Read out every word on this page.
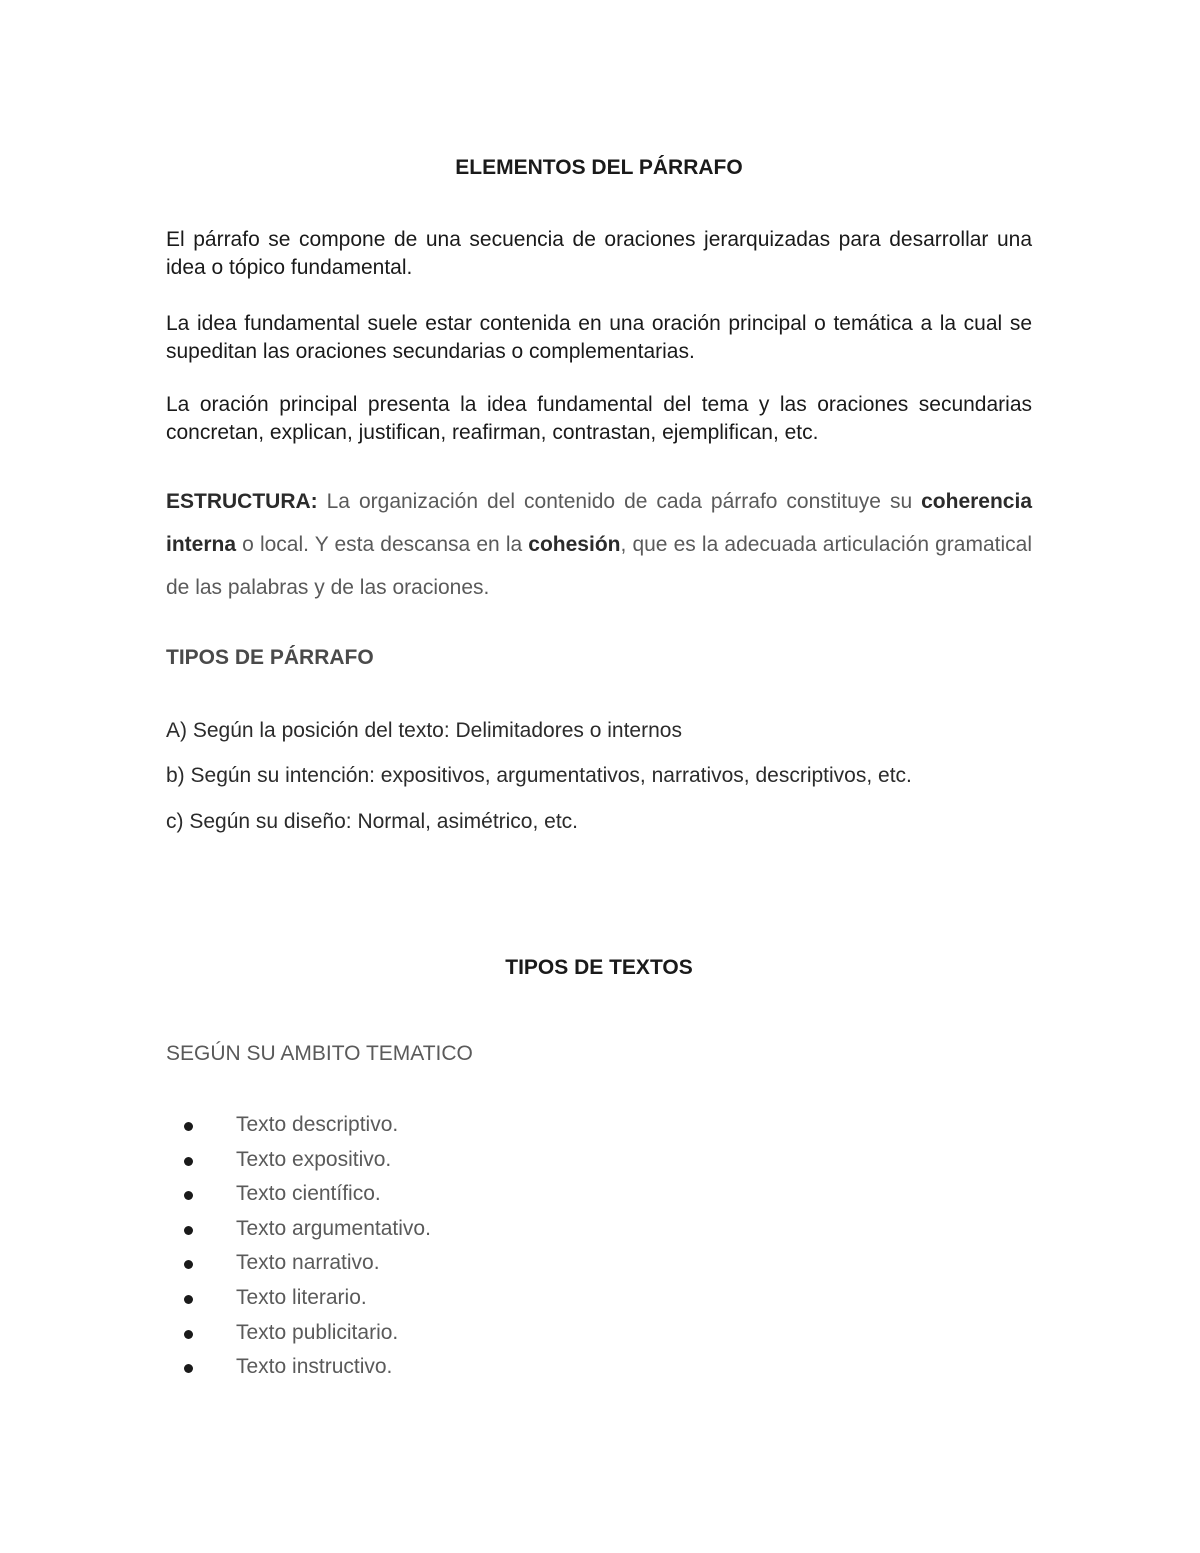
ELEMENTOS DEL PÁRRAFO

El párrafo se compone de una secuencia de oraciones jerarquizadas para desarrollar una idea o tópico fundamental.

La idea fundamental suele estar contenida en una oración principal o temática a la cual se supeditan las oraciones secundarias o complementarias.

La oración principal presenta la idea fundamental del tema y las oraciones secundarias concretan, explican, justifican, reafirman, contrastan, ejemplifican, etc.

ESTRUCTURA: La organización del contenido de cada párrafo constituye su coherencia interna o local. Y esta descansa en la cohesión, que es la adecuada articulación gramatical de las palabras y de las oraciones.

TIPOS DE PÁRRAFO
A) Según la posición del texto: Delimitadores o internos
b) Según su intención: expositivos, argumentativos, narrativos, descriptivos, etc.
c) Según su diseño: Normal, asimétrico, etc.
TIPOS DE TEXTOS
SEGÚN SU AMBITO TEMATICO
Texto descriptivo.
Texto expositivo.
Texto científico.
Texto argumentativo.
Texto narrativo.
Texto literario.
Texto publicitario.
Texto instructivo.
